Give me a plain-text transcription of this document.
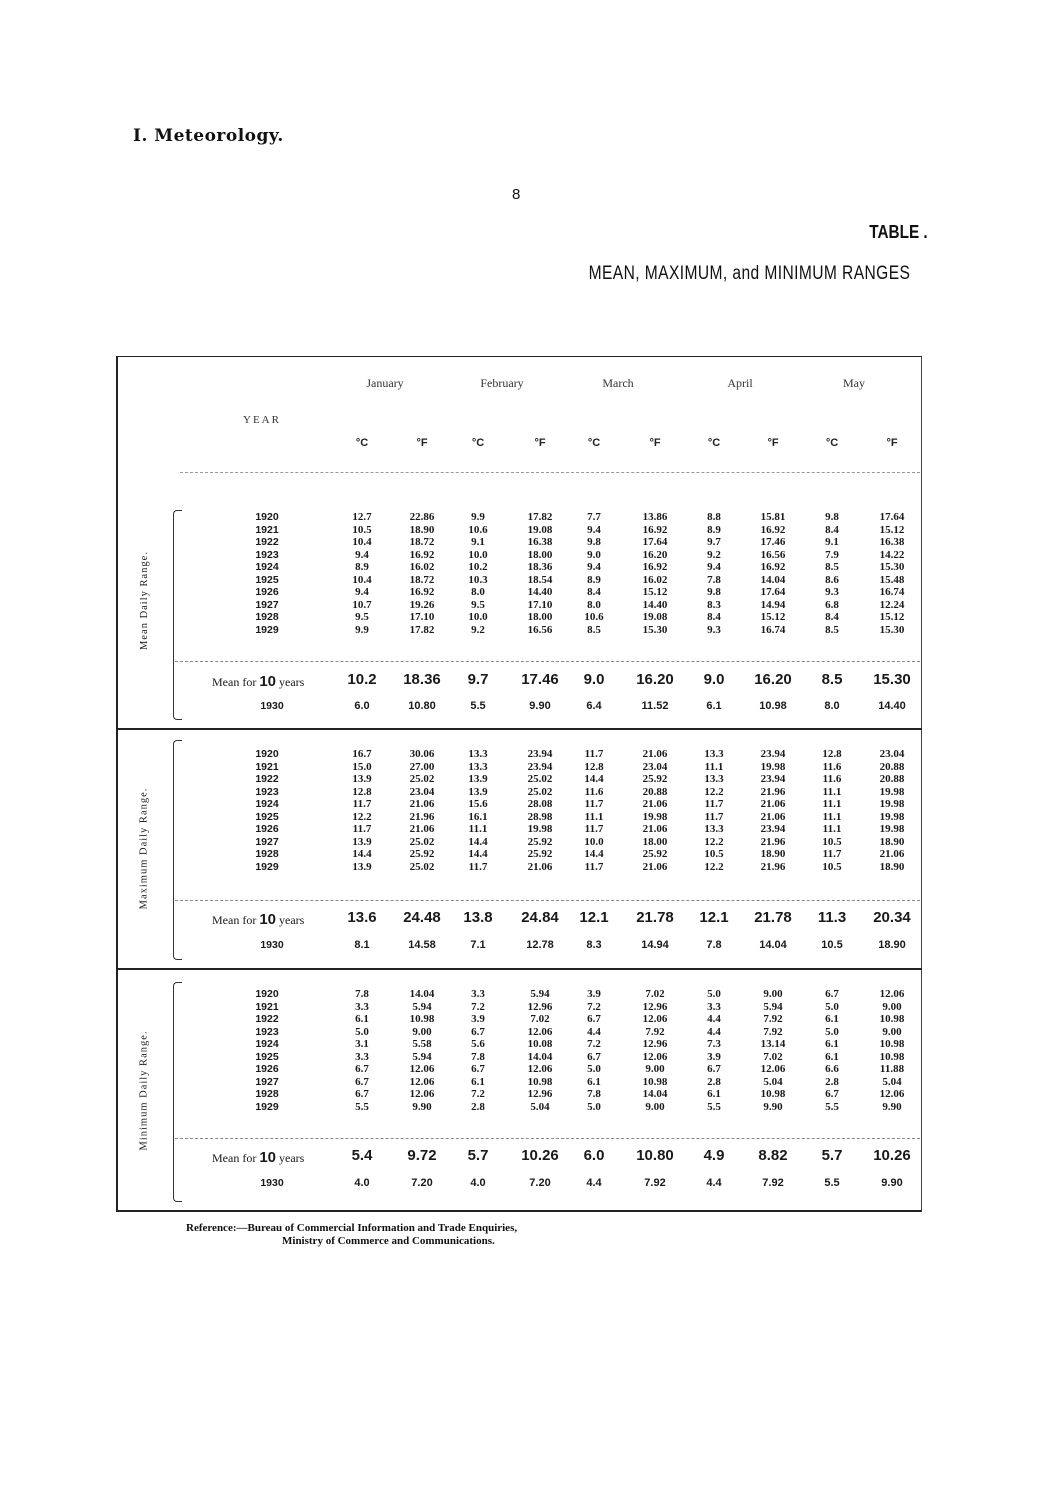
I. Meteorology.
8
TABLE .
MEAN, MAXIMUM, and MINIMUM RANGES
January	February	March	April	May
YEAR
°C	°F	°C	°F	°C	°F	°C	°F	°C	°F
Mean Daily Range.
Maximum Daily Range.
Minimum Daily Range.
1920	12.7	22.86	9.9	17.82	7.7	13.86	8.8	15.81	9.8	17.64
1921	10.5	18.90	10.6	19.08	9.4	16.92	8.9	16.92	8.4	15.12
1922	10.4	18.72	9.1	16.38	9.8	17.64	9.7	17.46	9.1	16.38
1923	9.4	16.92	10.0	18.00	9.0	16.20	9.2	16.56	7.9	14.22
1924	8.9	16.02	10.2	18.36	9.4	16.92	9.4	16.92	8.5	15.30
1925	10.4	18.72	10.3	18.54	8.9	16.02	7.8	14.04	8.6	15.48
1926	9.4	16.92	8.0	14.40	8.4	15.12	9.8	17.64	9.3	16.74
1927	10.7	19.26	9.5	17.10	8.0	14.40	8.3	14.94	6.8	12.24
1928	9.5	17.10	10.0	18.00	10.6	19.08	8.4	15.12	8.4	15.12
1929	9.9	17.82	9.2	16.56	8.5	15.30	9.3	16.74	8.5	15.30
Mean for 10 years	10.2	18.36	9.7	17.46	9.0	16.20	9.0	16.20	8.5	15.30
1930	6.0	10.80	5.5	9.90	6.4	11.52	6.1	10.98	8.0	14.40
1920	16.7	30.06	13.3	23.94	11.7	21.06	13.3	23.94	12.8	23.04
1921	15.0	27.00	13.3	23.94	12.8	23.04	11.1	19.98	11.6	20.88
1922	13.9	25.02	13.9	25.02	14.4	25.92	13.3	23.94	11.6	20.88
1923	12.8	23.04	13.9	25.02	11.6	20.88	12.2	21.96	11.1	19.98
1924	11.7	21.06	15.6	28.08	11.7	21.06	11.7	21.06	11.1	19.98
1925	12.2	21.96	16.1	28.98	11.1	19.98	11.7	21.06	11.1	19.98
1926	11.7	21.06	11.1	19.98	11.7	21.06	13.3	23.94	11.1	19.98
1927	13.9	25.02	14.4	25.92	10.0	18.00	12.2	21.96	10.5	18.90
1928	14.4	25.92	14.4	25.92	14.4	25.92	10.5	18.90	11.7	21.06
1929	13.9	25.02	11.7	21.06	11.7	21.06	12.2	21.96	10.5	18.90
Mean for 10 years	13.6	24.48	13.8	24.84	12.1	21.78	12.1	21.78	11.3	20.34
1930	8.1	14.58	7.1	12.78	8.3	14.94	7.8	14.04	10.5	18.90
1920	7.8	14.04	3.3	5.94	3.9	7.02	5.0	9.00	6.7	12.06
1921	3.3	5.94	7.2	12.96	7.2	12.96	3.3	5.94	5.0	9.00
1922	6.1	10.98	3.9	7.02	6.7	12.06	4.4	7.92	6.1	10.98
1923	5.0	9.00	6.7	12.06	4.4	7.92	4.4	7.92	5.0	9.00
1924	3.1	5.58	5.6	10.08	7.2	12.96	7.3	13.14	6.1	10.98
1925	3.3	5.94	7.8	14.04	6.7	12.06	3.9	7.02	6.1	10.98
1926	6.7	12.06	6.7	12.06	5.0	9.00	6.7	12.06	6.6	11.88
1927	6.7	12.06	6.1	10.98	6.1	10.98	2.8	5.04	2.8	5.04
1928	6.7	12.06	7.2	12.96	7.8	14.04	6.1	10.98	6.7	12.06
1929	5.5	9.90	2.8	5.04	5.0	9.00	5.5	9.90	5.5	9.90
Mean for 10 years	5.4	9.72	5.7	10.26	6.0	10.80	4.9	8.82	5.7	10.26
1930	4.0	7.20	4.0	7.20	4.4	7.92	4.4	7.92	5.5	9.90
Reference:—Bureau of Commercial Information and Trade Enquiries,
Ministry of Commerce and Communications.
